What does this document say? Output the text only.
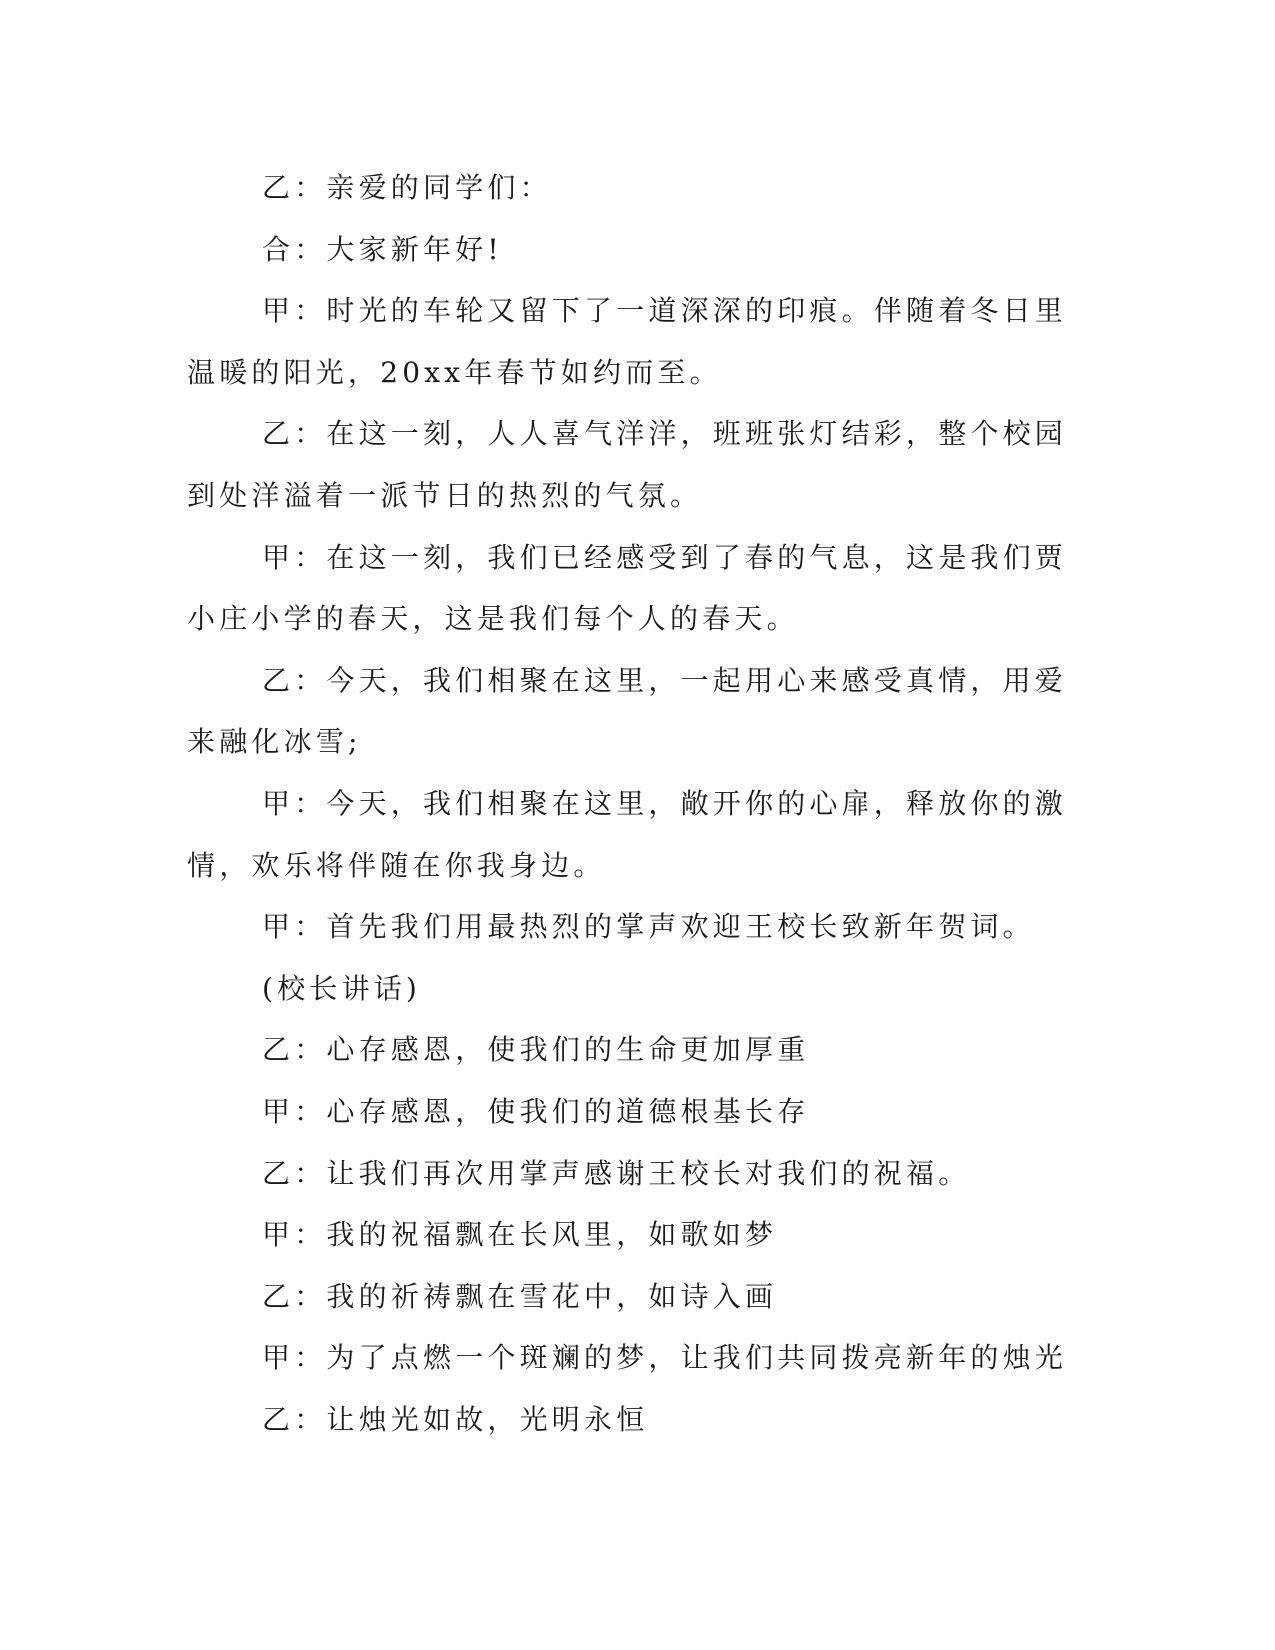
乙：亲爱的同学们：

合：大家新年好!

甲：时光的车轮又留下了一道深深的印痕。伴随着冬日里温暖的阳光，20xx年春节如约而至。

乙：在这一刻，人人喜气洋洋，班班张灯结彩，整个校园到处洋溢着一派节日的热烈的气氛。

甲：在这一刻，我们已经感受到了春的气息，这是我们贾小庄小学的春天，这是我们每个人的春天。

乙：今天，我们相聚在这里，一起用心来感受真情，用爱来融化冰雪;

甲：今天，我们相聚在这里，敞开你的心扉，释放你的激情，欢乐将伴随在你我身边。

甲：首先我们用最热烈的掌声欢迎王校长致新年贺词。

(校长讲话)

乙：心存感恩，使我们的生命更加厚重

甲：心存感恩，使我们的道德根基长存

乙：让我们再次用掌声感谢王校长对我们的祝福。

甲：我的祝福飘在长风里，如歌如梦

乙：我的祈祷飘在雪花中，如诗入画

甲：为了点燃一个斑斓的梦，让我们共同拨亮新年的烛光

乙：让烛光如故，光明永恒
